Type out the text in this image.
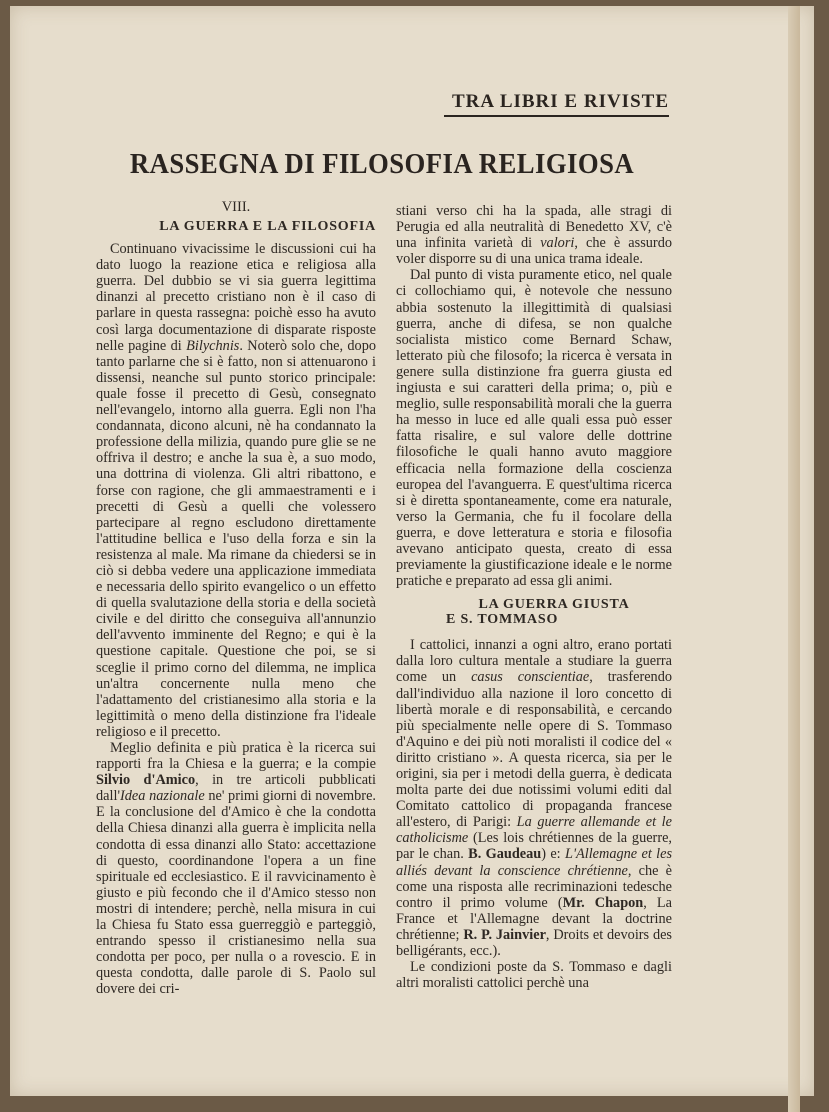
TRA LIBRI E RIVISTE
RASSEGNA DI FILOSOFIA RELIGIOSA
VIII.
LA GUERRA E LA FILOSOFIA

Continuano vivacissime le discussioni cui ha dato luogo la reazione etica e religiosa alla guerra. Del dubbio se vi sia guerra legittima dinanzi al precetto cristiano non è il caso di parlare in questa rassegna: poichè esso ha avuto così larga documentazione di disparate risposte nelle pagine di Bilychnis. Noterò solo che, dopo tanto parlarne che si è fatto, non si attenuarono i dissensi, neanche sul punto storico principale: quale fosse il precetto di Gesù, consegnato nell'evangelo, intorno alla guerra. Egli non l'ha condannata, dicono alcuni, nè ha condannato la professione della milizia, quando pure glie se ne offriva il destro; e anche la sua è, a suo modo, una dottrina di violenza. Gli altri ribattono, e forse con ragione, che gli ammaestramenti e i precetti di Gesù a quelli che volessero partecipare al regno escludono direttamente l'attitudine bellica e l'uso della forza e sin la resistenza al male. Ma rimane da chiedersi se in ciò si debba vedere una applicazione immediata e necessaria dello spirito evangelico o un effetto di quella svalutazione della storia e della società civile e del diritto che conseguiva all'annunzio dell'avvento imminente del Regno; e qui è la questione capitale. Questione che poi, se si sceglie il primo corno del dilemma, ne implica un'altra concernente nulla meno che l'adattamento del cristianesimo alla storia e la legittimità o meno della distinzione fra l'ideale religioso e il precetto.

Meglio definita e più pratica è la ricerca sui rapporti fra la Chiesa e la guerra; e la compie Silvio d'Amico, in tre articoli pubblicati dall'Idea nazionale ne' primi giorni di novembre. E la conclusione del d'Amico è che la condotta della Chiesa dinanzi alla guerra è implicita nella condotta di essa dinanzi allo Stato: accettazione di questo, coordinandone l'opera a un fine spirituale ed ecclesiastico. E il ravvicinamento è giusto e più fecondo che il d'Amico stesso non mostri di intendere; perchè, nella misura in cui la Chiesa fu Stato essa guerreggiò e parteggiò, entrando spesso il cristianesimo nella sua condotta per poco, per nulla o a rovescio. E in questa condotta, dalle parole di S. Paolo sul dovere dei cri-

stiani verso chi ha la spada, alle stragi di Perugia ed alla neutralità di Benedetto XV, c'è una infinita varietà di valori, che è assurdo voler disporre su di una unica trama ideale.

Dal punto di vista puramente etico, nel quale ci collochiamo qui, è notevole che nessuno abbia sostenuto la illegittimità di qualsiasi guerra, anche di difesa, se non qualche socialista mistico come Bernard Schaw, letterato più che filosofo; la ricerca è versata in genere sulla distinzione fra guerra giusta ed ingiusta e sui caratteri della prima; o, più e meglio, sulle responsabilità morali che la guerra ha messo in luce ed alle quali essa può esser fatta risalire, e sul valore delle dottrine filosofiche le quali hanno avuto maggiore efficacia nella formazione della coscienza europea del l'avanguerra. E quest'ultima ricerca si è diretta spontaneamente, come era naturale, verso la Germania, che fu il focolare della guerra, e dove letteratura e storia e filosofia avevano anticipato questa, creato di essa previamente la giustificazione ideale e le norme pratiche e preparato ad essa gli animi.

LA GUERRA GIUSTA
E S. TOMMASO

I cattolici, innanzi a ogni altro, erano portati dalla loro cultura mentale a studiare la guerra come un casus conscientiae, trasferendo dall'individuo alla nazione il loro concetto di libertà morale e di responsabilità, e cercando più specialmente nelle opere di S. Tommaso d'Aquino e dei più noti moralisti il codice del « diritto cristiano ». A questa ricerca, sia per le origini, sia per i metodi della guerra, è dedicata molta parte dei due notissimi volumi editi dal Comitato cattolico di propaganda francese all'estero, di Parigi: La guerre allemande et le catholicisme (Les lois chrétiennes de la guerre, par le chan. B. Gaudeau) e: L'Allemagne et les alliés devant la conscience chrétienne, che è come una risposta alle recriminazioni tedesche contro il primo volume (Mr. Chapon, La France et l'Allemagne devant la doctrine chrétienne; R. P. Jainvier, Droits et devoirs des belligérants, ecc.).

Le condizioni poste da S. Tommaso e dagli altri moralisti cattolici perchè una
